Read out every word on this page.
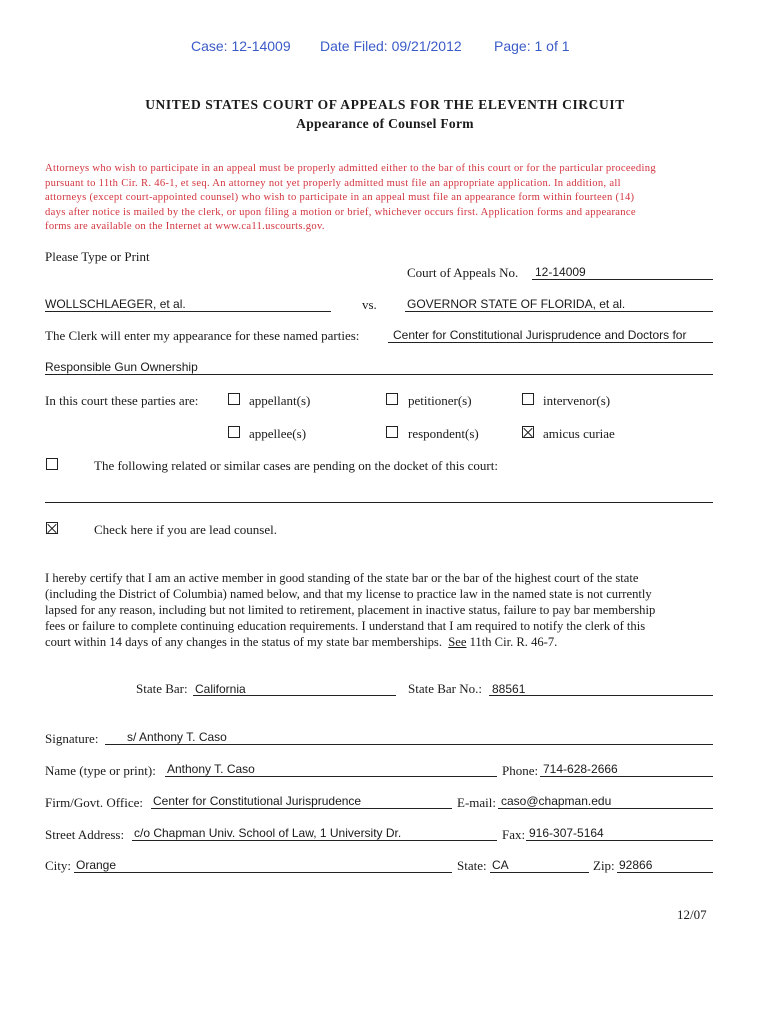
Case: 12-14009 Date Filed: 09/21/2012 Page: 1 of 1
UNITED STATES COURT OF APPEALS FOR THE ELEVENTH CIRCUIT
Appearance of Counsel Form
Attorneys who wish to participate in an appeal must be properly admitted either to the bar of this court or for the particular proceeding
pursuant to 11th Cir. R. 46-1, et seq. An attorney not yet properly admitted must file an appropriate application. In addition, all
attorneys (except court-appointed counsel) who wish to participate in an appeal must file an appearance form within fourteen (14)
days after notice is mailed by the clerk, or upon filing a motion or brief, whichever occurs first. Application forms and appearance
forms are available on the Internet at www.ca11.uscourts.gov.
Please Type or Print
Court of Appeals No. 12-14009
WOLLSCHLAEGER, et al.	vs.	GOVERNOR STATE OF FLORIDA, et al.
The Clerk will enter my appearance for these named parties:	Center for Constitutional Jurisprudence and Doctors for
Responsible Gun Ownership
In this court these parties are:	appellant(s)	petitioner(s)	intervenor(s)
appellee(s)	respondent(s)	amicus curiae
The following related or similar cases are pending on the docket of this court:
Check here if you are lead counsel.
I hereby certify that I am an active member in good standing of the state bar or the bar of the highest court of the state
(including the District of Columbia) named below, and that my license to practice law in the named state is not currently
lapsed for any reason, including but not limited to retirement, placement in inactive status, failure to pay bar membership
fees or failure to complete continuing education requirements. I understand that I am required to notify the clerk of this
court within 14 days of any changes in the status of my state bar memberships. See 11th Cir. R. 46-7.
State Bar: California	State Bar No.: 88561
Signature: s/ Anthony T. Caso
Name (type or print): Anthony T. Caso	Phone: 714-628-2666
Firm/Govt. Office: Center for Constitutional Jurisprudence	E-mail: caso@chapman.edu
Street Address: c/o Chapman Univ. School of Law, 1 University Dr.	Fax: 916-307-5164
City: Orange	State: CA	Zip: 92866
12/07
